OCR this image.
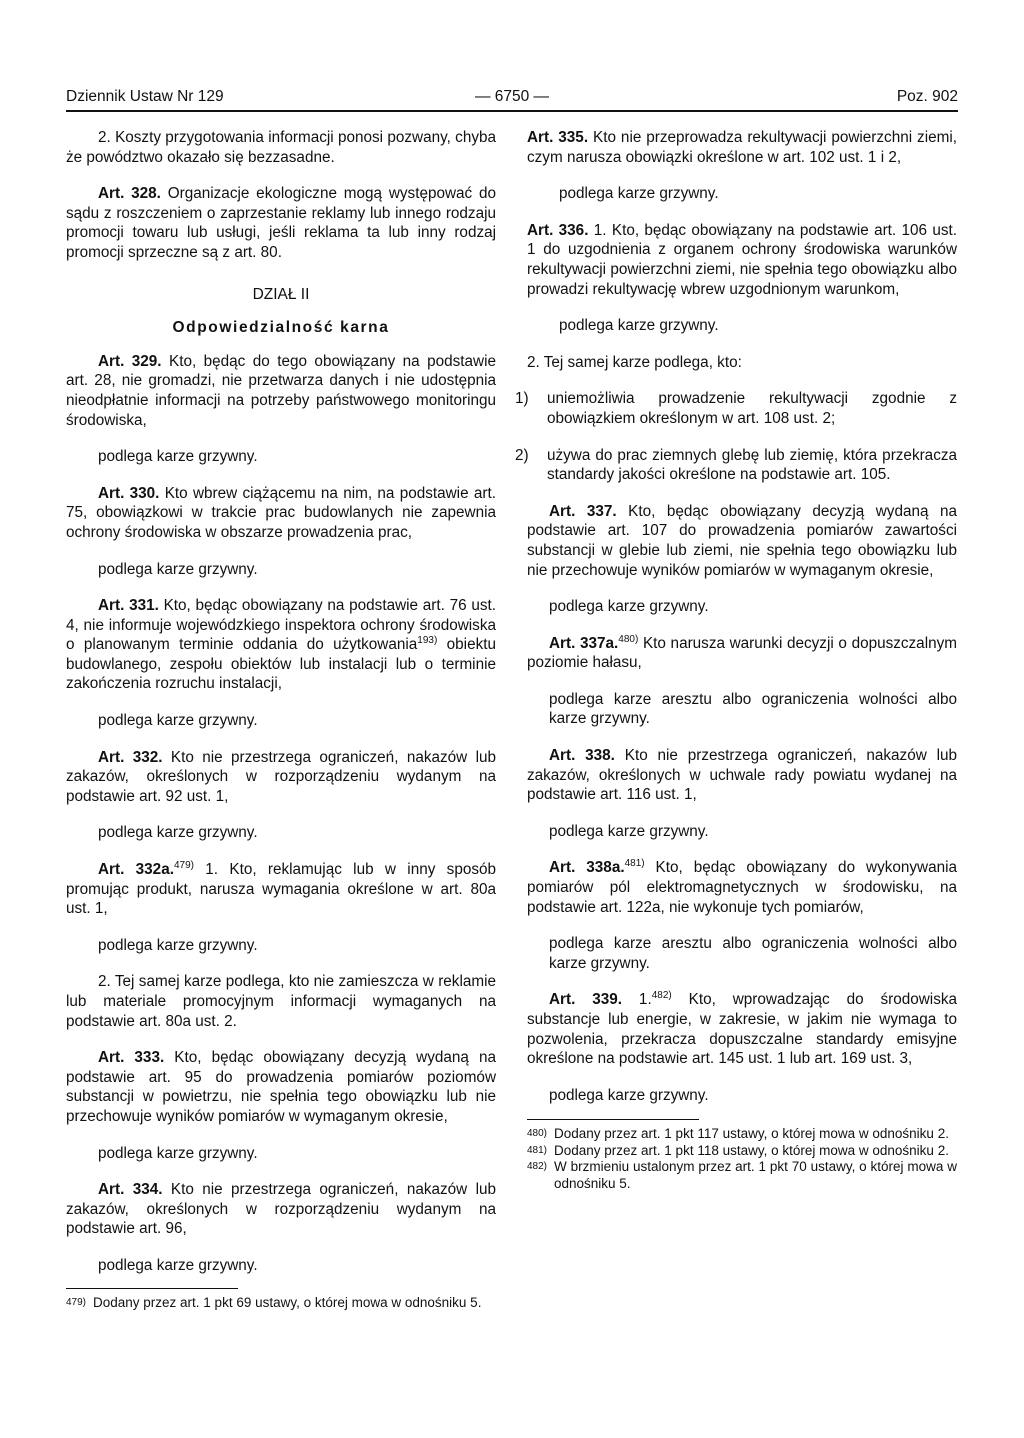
Dziennik Ustaw Nr 129	— 6750 —	Poz. 902

2. Koszty przygotowania informacji ponosi pozwany, chyba że powództwo okazało się bezzasadne.

Art. 328. Organizacje ekologiczne mogą występować do sądu z roszczeniem o zaprzestanie reklamy lub innego rodzaju promocji towaru lub usługi, jeśli reklama ta lub inny rodzaj promocji sprzeczne są z art. 80.

DZIAŁ II

Odpowiedzialność karna

Art. 329. Kto, będąc do tego obowiązany na podstawie art. 28, nie gromadzi, nie przetwarza danych i nie udostępnia nieodpłatnie informacji na potrzeby państwowego monitoringu środowiska,

podlega karze grzywny.

Art. 330. Kto wbrew ciążącemu na nim, na podstawie art. 75, obowiązkowi w trakcie prac budowlanych nie zapewnia ochrony środowiska w obszarze prowadzenia prac,

podlega karze grzywny.

Art. 331. Kto, będąc obowiązany na podstawie art. 76 ust. 4, nie informuje wojewódzkiego inspektora ochrony środowiska o planowanym terminie oddania do użytkowania$^{193)}$ obiektu budowlanego, zespołu obiektów lub instalacji lub o terminie zakończenia rozruchu instalacji,

podlega karze grzywny.

Art. 332. Kto nie przestrzega ograniczeń, nakazów lub zakazów, określonych w rozporządzeniu wydanym na podstawie art. 92 ust. 1,

podlega karze grzywny.

Art. 332a.$^{479)}$ 1. Kto, reklamując lub w inny sposób promując produkt, narusza wymagania określone w art. 80a ust. 1,

podlega karze grzywny.

2. Tej samej karze podlega, kto nie zamieszcza w reklamie lub materiale promocyjnym informacji wymaganych na podstawie art. 80a ust. 2.

Art. 333. Kto, będąc obowiązany decyzją wydaną na podstawie art. 95 do prowadzenia pomiarów poziomów substancji w powietrzu, nie spełnia tego obowiązku lub nie przechowuje wyników pomiarów w wymaganym okresie,

podlega karze grzywny.

Art. 334. Kto nie przestrzega ograniczeń, nakazów lub zakazów, określonych w rozporządzeniu wydanym na podstawie art. 96,

podlega karze grzywny.

479) Dodany przez art. 1 pkt 69 ustawy, o której mowa w odnośniku 5.

Art. 335. Kto nie przeprowadza rekultywacji powierzchni ziemi, czym narusza obowiązki określone w art. 102 ust. 1 i 2,

podlega karze grzywny.

Art. 336. 1. Kto, będąc obowiązany na podstawie art. 106 ust. 1 do uzgodnienia z organem ochrony środowiska warunków rekultywacji powierzchni ziemi, nie spełnia tego obowiązku albo prowadzi rekultywację wbrew uzgodnionym warunkom,

podlega karze grzywny.

2. Tej samej karze podlega, kto:

1) uniemożliwia prowadzenie rekultywacji zgodnie z obowiązkiem określonym w art. 108 ust. 2;

2) używa do prac ziemnych glebę lub ziemię, która przekracza standardy jakości określone na podstawie art. 105.

Art. 337. Kto, będąc obowiązany decyzją wydaną na podstawie art. 107 do prowadzenia pomiarów zawartości substancji w glebie lub ziemi, nie spełnia tego obowiązku lub nie przechowuje wyników pomiarów w wymaganym okresie,

podlega karze grzywny.

Art. 337a.$^{480)}$ Kto narusza warunki decyzji o dopuszczalnym poziomie hałasu,

podlega karze aresztu albo ograniczenia wolności albo karze grzywny.

Art. 338. Kto nie przestrzega ograniczeń, nakazów lub zakazów, określonych w uchwale rady powiatu wydanej na podstawie art. 116 ust. 1,

podlega karze grzywny.

Art. 338a.$^{481)}$ Kto, będąc obowiązany do wykonywania pomiarów pól elektromagnetycznych w środowisku, na podstawie art. 122a, nie wykonuje tych pomiarów,

podlega karze aresztu albo ograniczenia wolności albo karze grzywny.

Art. 339. 1.$^{482)}$ Kto, wprowadzając do środowiska substancje lub energie, w zakresie, w jakim nie wymaga to pozwolenia, przekracza dopuszczalne standardy emisyjne określone na podstawie art. 145 ust. 1 lub art. 169 ust. 3,

podlega karze grzywny.

480) Dodany przez art. 1 pkt 117 ustawy, o której mowa w odnośniku 2.

481) Dodany przez art. 1 pkt 118 ustawy, o której mowa w odnośniku 2.

482) W brzmieniu ustalonym przez art. 1 pkt 70 ustawy, o której mowa w odnośniku 5.
